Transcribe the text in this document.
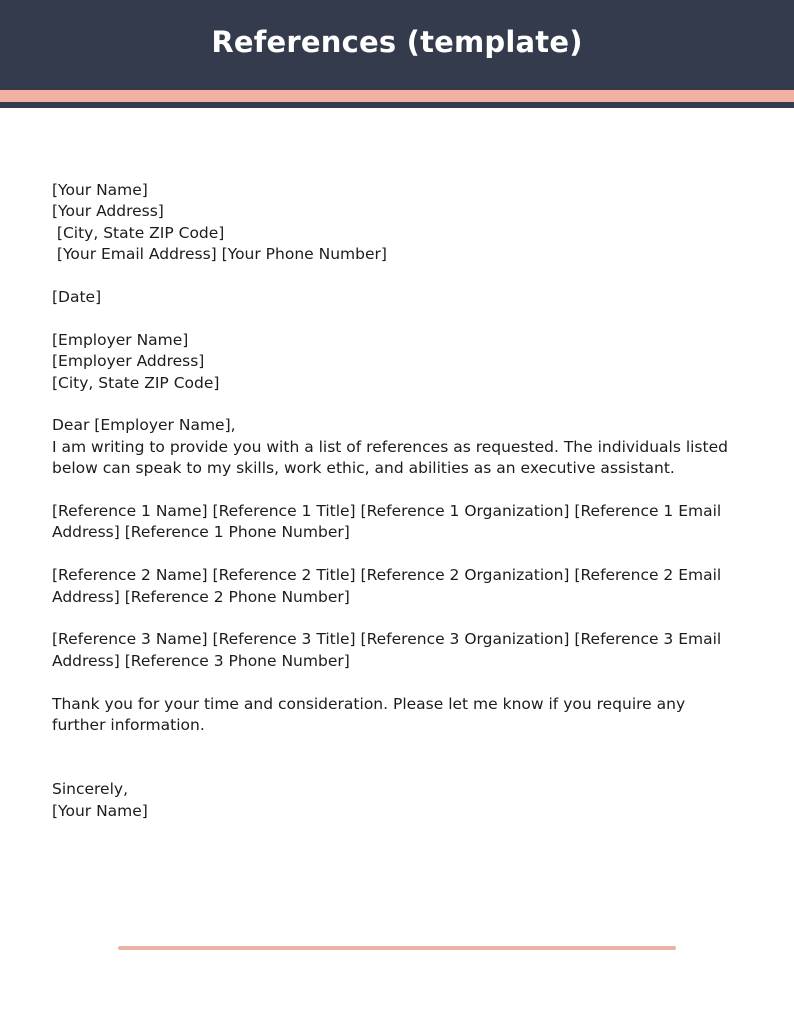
References (template)
[Your Name]
[Your Address]
[City, State ZIP Code]
[Your Email Address] [Your Phone Number]
[Date]
[Employer Name]
[Employer Address]
[City, State ZIP Code]
Dear [Employer Name],
I am writing to provide you with a list of references as requested. The individuals listed below can speak to my skills, work ethic, and abilities as an executive assistant.
[Reference 1 Name] [Reference 1 Title] [Reference 1 Organization] [Reference 1 Email Address] [Reference 1 Phone Number]
[Reference 2 Name] [Reference 2 Title] [Reference 2 Organization] [Reference 2 Email Address] [Reference 2 Phone Number]
[Reference 3 Name] [Reference 3 Title] [Reference 3 Organization] [Reference 3 Email Address] [Reference 3 Phone Number]
Thank you for your time and consideration. Please let me know if you require any further information.
Sincerely,
[Your Name]
